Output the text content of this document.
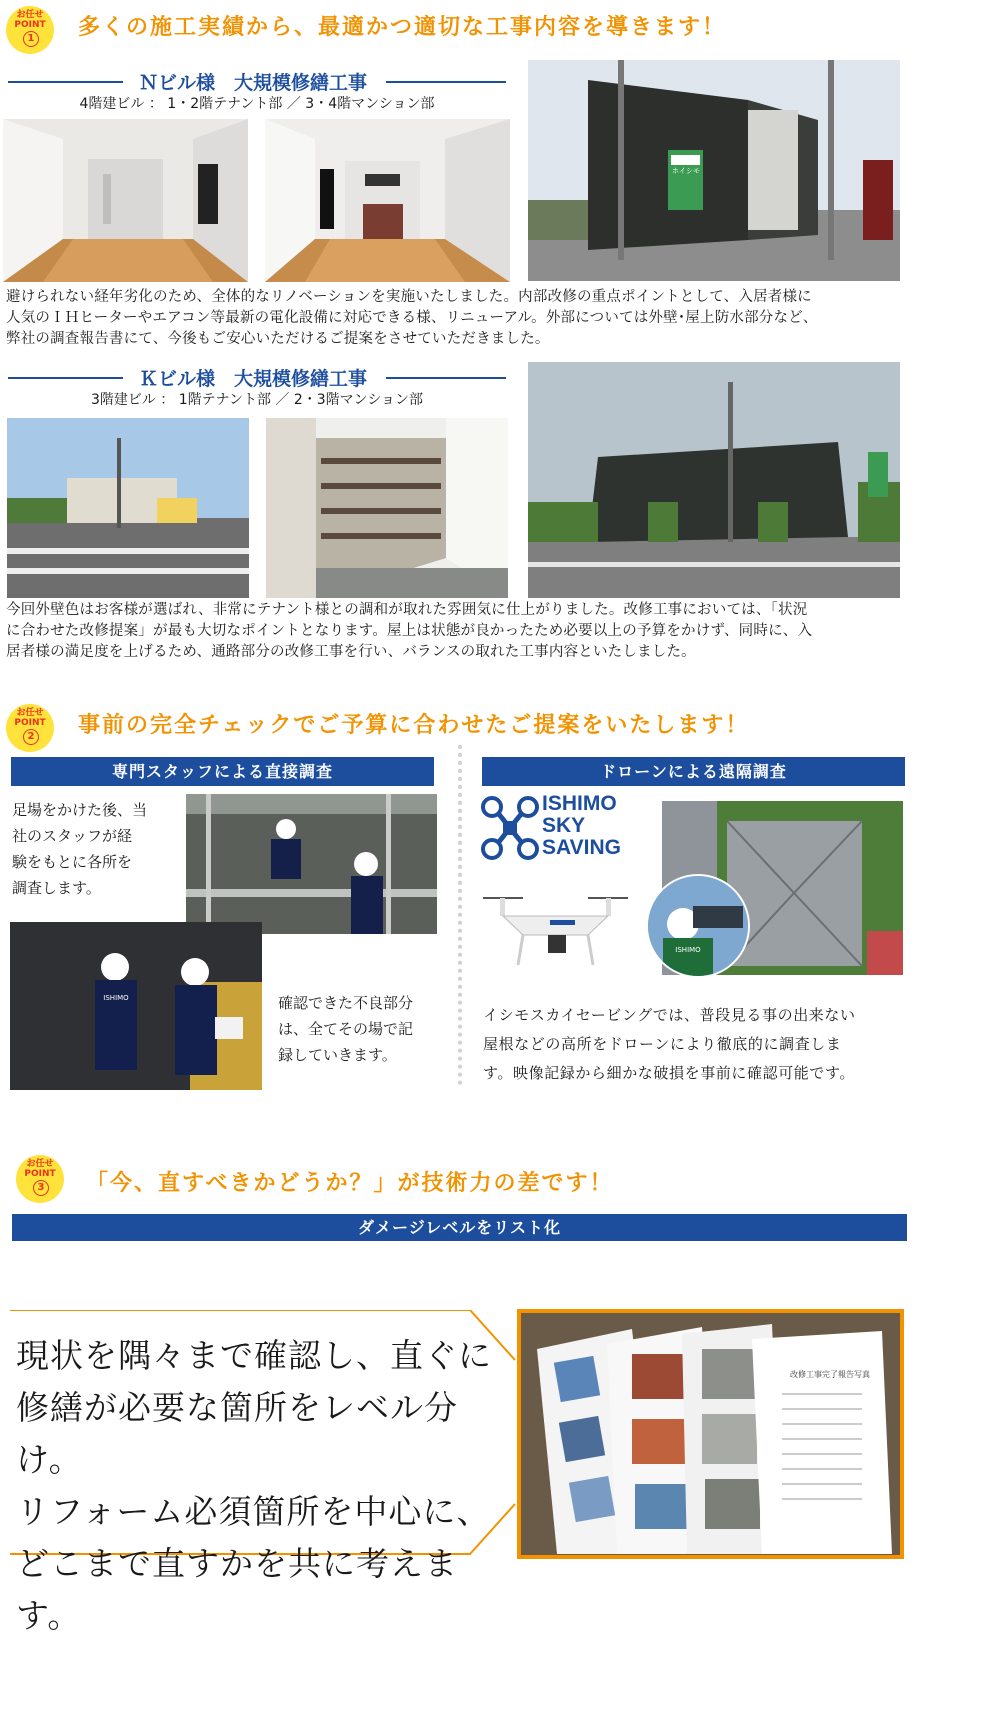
お任せ
POINT
1 多くの施工実績から、最適かつ適切な工事内容を導きます！
Ｎビル様　大規模修繕工事
4階建ビル ： 1・2階テナント部 ／ 3・4階マンション部
ホイシモ
避けられない経年劣化のため、全体的なリノベーションを実施いたしました。内部改修の重点ポイントとして、入居者様に
人気のＩＨヒーターやエアコン等最新の電化設備に対応できる様、リニューアル。外部については外壁･屋上防水部分など、
弊社の調査報告書にて、今後もご安心いただけるご提案をさせていただきました。
Ｋビル様　大規模修繕工事
3階建ビル ： 1階テナント部 ／ 2・3階マンション部
今回外壁色はお客様が選ばれ、非常にテナント様との調和が取れた雰囲気に仕上がりました。改修工事においては、「状況
に合わせた改修提案」が最も大切なポイントとなります。屋上は状態が良かったため必要以上の予算をかけず、同時に、入
居者様の満足度を上げるため、通路部分の改修工事を行い、バランスの取れた工事内容といたしました。
お任せ
POINT
2 事前の完全チェックでご予算に合わせたご提案をいたします！
専門スタッフによる直接調査
足場をかけた後、当
社のスタッフが経
験をもとに各所を
調査します。
ISHIMO	確認できた不良部分
は、全てその場で記
録していきます。
ドローンによる遠隔調査
ISHIMO
SKY
SAVING
ISHIMO
イシモスカイセービングでは、普段見る事の出来ない
屋根などの高所をドローンにより徹底的に調査しま
す。映像記録から細かな破損を事前に確認可能です。
お任せ
POINT
3 「今、直すべきかどうか？」が技術力の差です！
ダメージレベルをリスト化
現状を隅々まで確認し、直ぐに
修繕が必要な箇所をレベル分け。
リフォーム必須箇所を中心に、
どこまで直すかを共に考えます。
改修工事完了報告写真
